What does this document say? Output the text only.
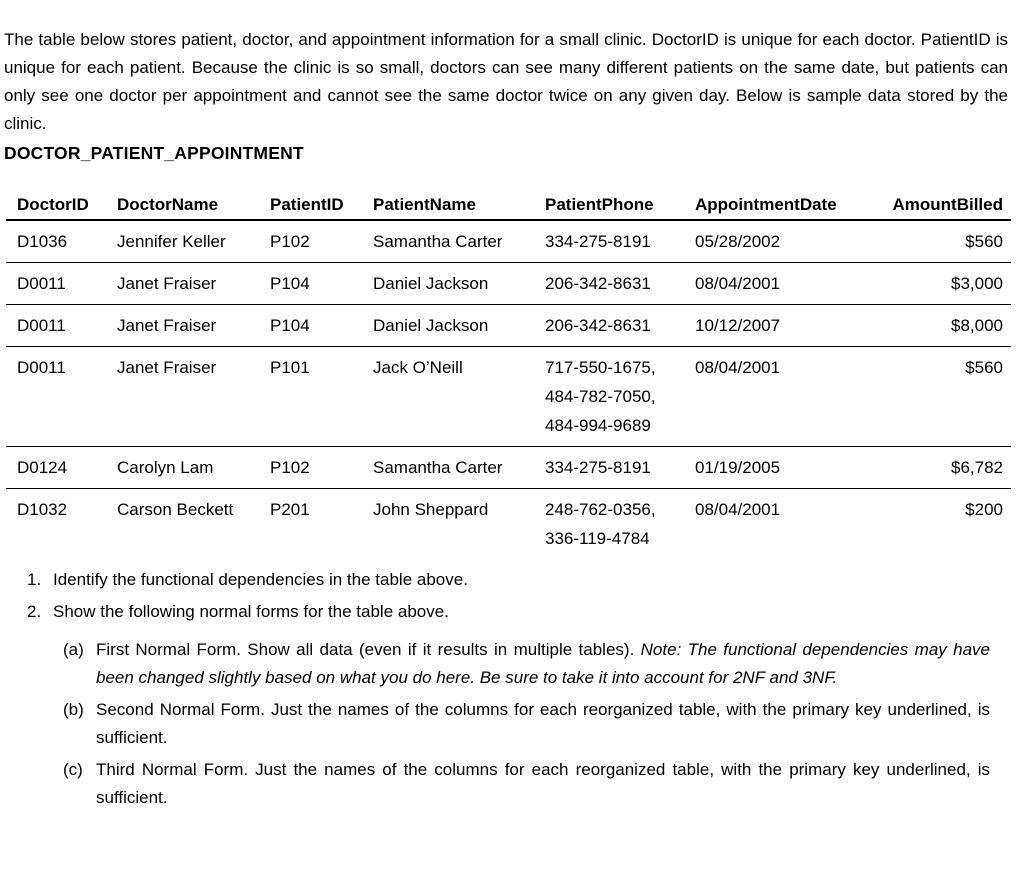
The table below stores patient, doctor, and appointment information for a small clinic. DoctorID is unique for each doctor. PatientID is unique for each patient. Because the clinic is so small, doctors can see many different patients on the same date, but patients can only see one doctor per appointment and cannot see the same doctor twice on any given day. Below is sample data stored by the clinic.

DOCTOR_PATIENT_APPOINTMENT
DoctorID	DoctorName	PatientID	PatientName	PatientPhone	AppointmentDate	AmountBilled
D1036	Jennifer Keller	P102	Samantha Carter	334-275-8191	05/28/2002	$560
D0011	Janet Fraiser	P104	Daniel Jackson	206-342-8631	08/04/2001	$3,000
D0011	Janet Fraiser	P104	Daniel Jackson	206-342-8631	10/12/2007	$8,000
D0011	Janet Fraiser	P101	Jack O’Neill	717-550-1675,
484-782-7050,
484-994-9689	08/04/2001	$560
D0124	Carolyn Lam	P102	Samantha Carter	334-275-8191	01/19/2005	$6,782
D1032	Carson Beckett	P201	John Sheppard	248-762-0356,
336-119-4784	08/04/2001	$200
1. Identify the functional dependencies in the table above.
2. Show the following normal forms for the table above.
(a) First Normal Form. Show all data (even if it results in multiple tables). Note: The functional dependencies may have been changed slightly based on what you do here. Be sure to take it into account for 2NF and 3NF.
(b) Second Normal Form. Just the names of the columns for each reorganized table, with the primary key underlined, is sufficient.
(c) Third Normal Form. Just the names of the columns for each reorganized table, with the primary key underlined, is sufficient.
